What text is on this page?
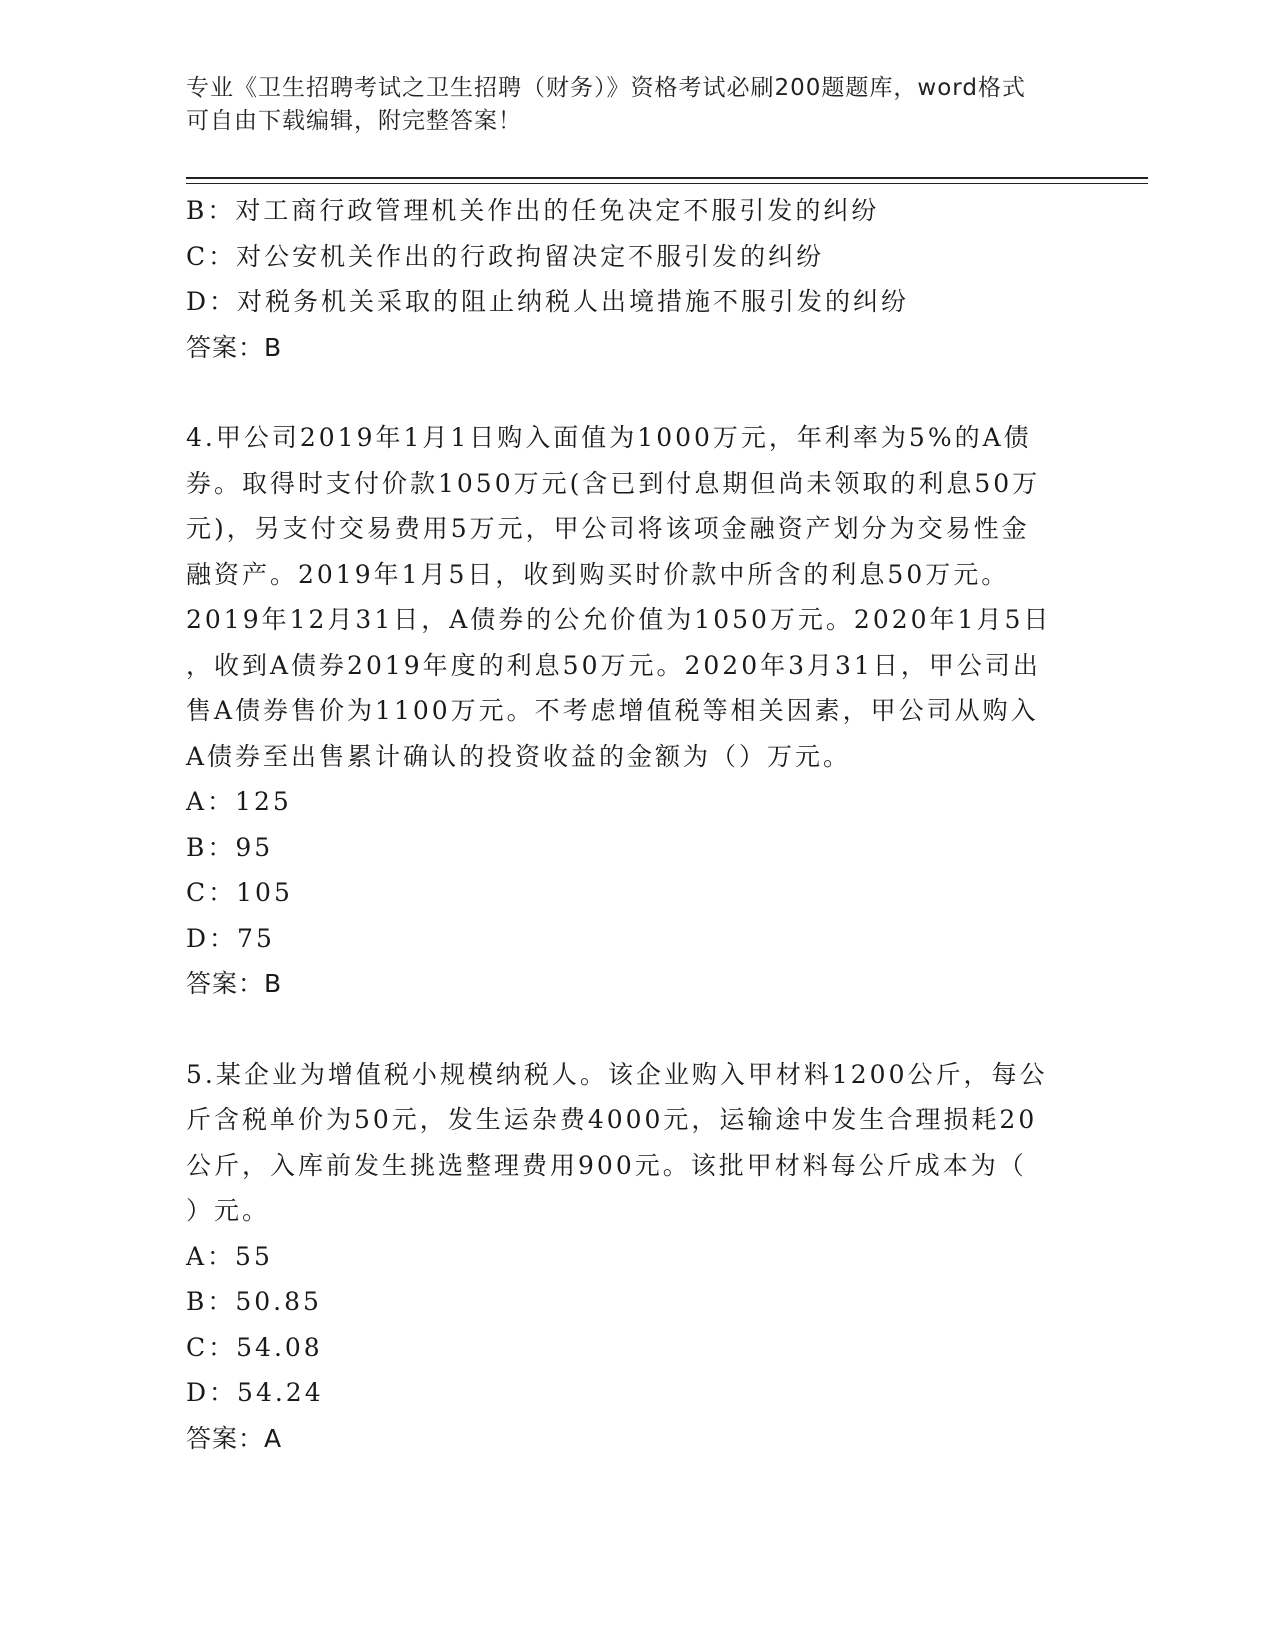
专业《卫生招聘考试之卫生招聘（财务）》资格考试必刷200题题库，word格式
可自由下载编辑，附完整答案！
B：对工商行政管理机关作出的任免决定不服引发的纠纷
C：对公安机关作出的行政拘留决定不服引发的纠纷
D：对税务机关采取的阻止纳税人出境措施不服引发的纠纷
答案：B
4.甲公司2019年1月1日购入面值为1000万元，年利率为5%的A债
券。取得时支付价款1050万元(含已到付息期但尚未领取的利息50万
元)，另支付交易费用5万元，甲公司将该项金融资产划分为交易性金
融资产。2019年1月5日，收到购买时价款中所含的利息50万元。
2019年12月31日，A债券的公允价值为1050万元。2020年1月5日
，收到A债券2019年度的利息50万元。2020年3月31日，甲公司出
售A债券售价为1100万元。不考虑增值税等相关因素，甲公司从购入
A债券至出售累计确认的投资收益的金额为（）万元。
A：125
B：95
C：105
D：75
答案：B
5.某企业为增值税小规模纳税人。该企业购入甲材料1200公斤，每公
斤含税单价为50元，发生运杂费4000元，运输途中发生合理损耗20
公斤，入库前发生挑选整理费用900元。该批甲材料每公斤成本为（
）元。
A：55
B：50.85
C：54.08
D：54.24
答案：A
